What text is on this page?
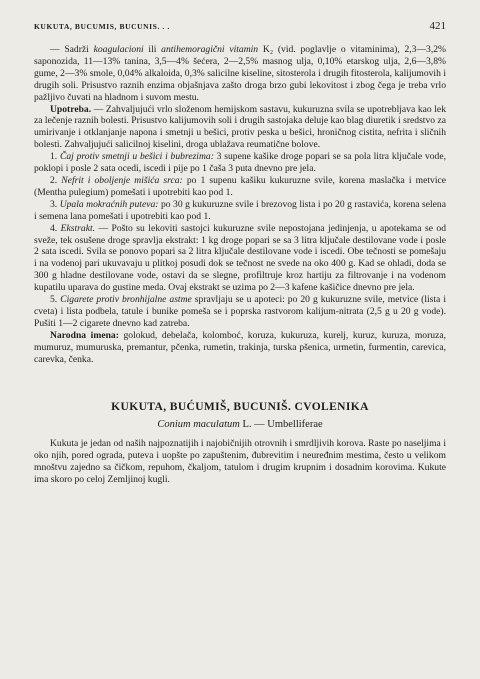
KUKUTA, BUCUMIS, BUCUNIS. . .	421

— Sadrži koagulacioni ili antihemoragični vitamin K₂ (vid. poglavlje o vitaminima), 2,3—3,2% saponozida, 11—13% tanina, 3,5—4% šećera, 2—2,5% masnog ulja, 0,10% etarskog ulja, 2,6—3,8% gume, 2—3% smole, 0,04% alkaloida, 0,3% salicilne kiseline, sitosterola i drugih fitosterola, kalijumovih i drugih soli. Prisustvo raznih enzima objašnjava zašto droga brzo gubi lekovitost i zbog čega je treba vrlo pažljivo čuvati na hladnom i suvom mestu.

Upotreba. — Zahvaljujući vrlo složenom hemijskom sastavu, kukuruzna svila se upotrebljava kao lek za lečenje raznih bolesti. Prisustvo kalijumovih soli i drugih sastojaka deluje kao blag diuretik i sredstvo za umirivanje i otklanjanje napona i smetnji u bešici, protiv peska u bešici, hroničnog cistita, nefrita i sličnih bolesti. Zahvaljujući salicilnoj kiselini, droga ublažava reumatične bolove.

1. Čaj protiv smetnji u bešici i bubrezima: 3 supene kašike droge popari se sa pola litra ključale vode, poklopi i posle 2 sata ocedi, iscedi i pije po 1 čaša 3 puta dnevno pre jela.

2. Nefrit i oboljenje mišića srca: po 1 supenu kašiku kukuruzne svile, korena maslačka i metvice (Mentha pulegium) pomešati i upotrebiti kao pod 1.

3. Upala mokraćnih puteva: po 30 g kukuruzne svile i brezovog lista i po 20 g rastavića, korena selena i semena lana pomešati i upotrebiti kao pod 1.

4. Ekstrakt. — Pošto su lekoviti sastojci kukuruzne svile nepostojana jedinjenja, u apotekama se od sveže, tek osušene droge spravlja ekstrakt: 1 kg droge popari se sa 3 litra ključale destilovane vode i posle 2 sata iscedi. Svila se ponovo popari sa 2 litra ključale destilovane vode i iscedi. Obe tečnosti se pomešaju i na vodenoj pari ukuvavaju u plitkoj posudi dok se tečnost ne svede na oko 400 g. Kad se ohladi, doda se 300 g hladne destilovane vode, ostavi da se slegne, profiltruje kroz hartiju za filtrovanje i na vodenom kupatilu uparava do gustine meda. Ovaj ekstrakt se uzima po 2—3 kafene kašičice dnevno pre jela.

5. Cigarete protiv bronhijalne astme spravljaju se u apoteci: po 20 g kukuruzne svile, metvice (lista i cveta) i lista podbela, tatule i bunike pomeša se i poprska rastvorom kalijum-nitrata (2,5 g u 20 g vode). Pušiti 1—2 cigarete dnevno kad zatreba.

Narodna imena: golokud, debelača, kolomboć, koruza, kukuruza, kurelj, kuruz, kuruza, moruza, mumuruz, mumuruska, premantur, pčenka, rumetin, trakinja, turska pšenica, urmetin, furmentin, carevica, carevka, čenka.

KUKUTA, BUĆUMIŠ, BUCUNIŠ. CVOLENIKA
Conium maculatum L. — Umbelliferae

Kukuta je jedan od naših najpoznatijih i najobičnijih otrovnih i smrdljivih korova. Raste po naseljima i oko njih, pored ograda, puteva i uopšte po zapuštenim, đubrevitim i neuređnim mestima, često u velikom mnoštvu zajedno sa čičkom, repuhom, čkaljom, tatulom i drugim krupnim i dosadnim korovima. Kukute ima skoro po celoj Zemljinoj kugli.
